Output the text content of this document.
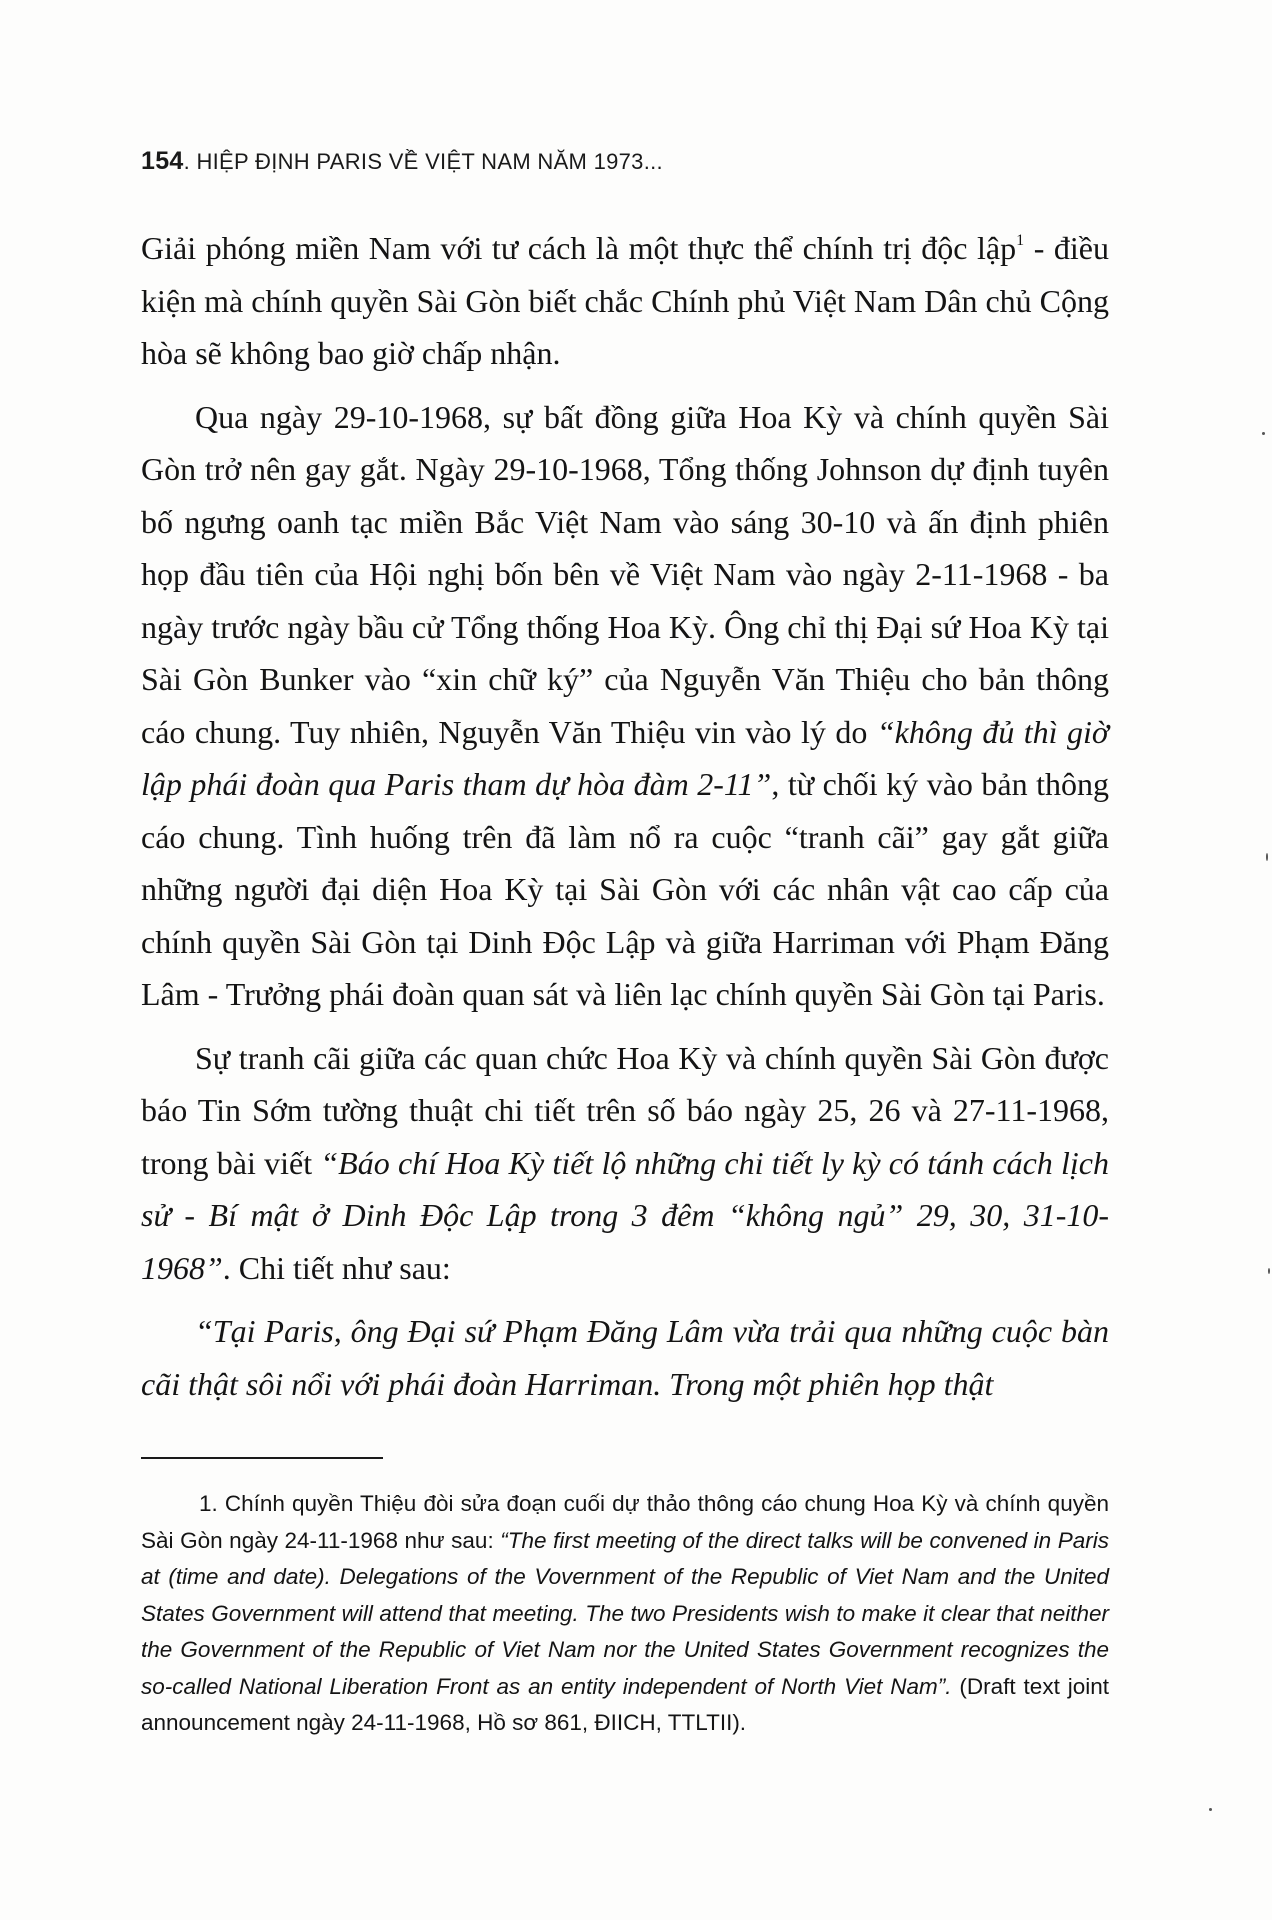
154. HIỆP ĐỊNH PARIS VỀ VIỆT NAM NĂM 1973...

Giải phóng miền Nam với tư cách là một thực thể chính trị độc lập$^1$ - điều kiện mà chính quyền Sài Gòn biết chắc Chính phủ Việt Nam Dân chủ Cộng hòa sẽ không bao giờ chấp nhận.

Qua ngày 29-10-1968, sự bất đồng giữa Hoa Kỳ và chính quyền Sài Gòn trở nên gay gắt. Ngày 29-10-1968, Tổng thống Johnson dự định tuyên bố ngưng oanh tạc miền Bắc Việt Nam vào sáng 30-10 và ấn định phiên họp đầu tiên của Hội nghị bốn bên về Việt Nam vào ngày 2-11-1968 - ba ngày trước ngày bầu cử Tổng thống Hoa Kỳ. Ông chỉ thị Đại sứ Hoa Kỳ tại Sài Gòn Bunker vào “xin chữ ký” của Nguyễn Văn Thiệu cho bản thông cáo chung. Tuy nhiên, Nguyễn Văn Thiệu vin vào lý do “không đủ thì giờ lập phái đoàn qua Paris tham dự hòa đàm 2-11”, từ chối ký vào bản thông cáo chung. Tình huống trên đã làm nổ ra cuộc “tranh cãi” gay gắt giữa những người đại diện Hoa Kỳ tại Sài Gòn với các nhân vật cao cấp của chính quyền Sài Gòn tại Dinh Độc Lập và giữa Harriman với Phạm Đăng Lâm - Trưởng phái đoàn quan sát và liên lạc chính quyền Sài Gòn tại Paris.

Sự tranh cãi giữa các quan chức Hoa Kỳ và chính quyền Sài Gòn được báo Tin Sớm tường thuật chi tiết trên số báo ngày 25, 26 và 27-11-1968, trong bài viết “Báo chí Hoa Kỳ tiết lộ những chi tiết ly kỳ có tánh cách lịch sử - Bí mật ở Dinh Độc Lập trong 3 đêm “không ngủ” 29, 30, 31-10-1968”. Chi tiết như sau:

“Tại Paris, ông Đại sứ Phạm Đăng Lâm vừa trải qua những cuộc bàn cãi thật sôi nổi với phái đoàn Harriman. Trong một phiên họp thật

1. Chính quyền Thiệu đòi sửa đoạn cuối dự thảo thông cáo chung Hoa Kỳ và chính quyền Sài Gòn ngày 24-11-1968 như sau: “The first meeting of the direct talks will be convened in Paris at (time and date). Delegations of the Vovernment of the Republic of Viet Nam and the United States Government will attend that meeting. The two Presidents wish to make it clear that neither the Government of the Republic of Viet Nam nor the United States Government recognizes the so-called National Liberation Front as an entity independent of North Viet Nam”. (Draft text joint announcement ngày 24-11-1968, Hồ sơ 861, ĐIICH, TTLTII).
